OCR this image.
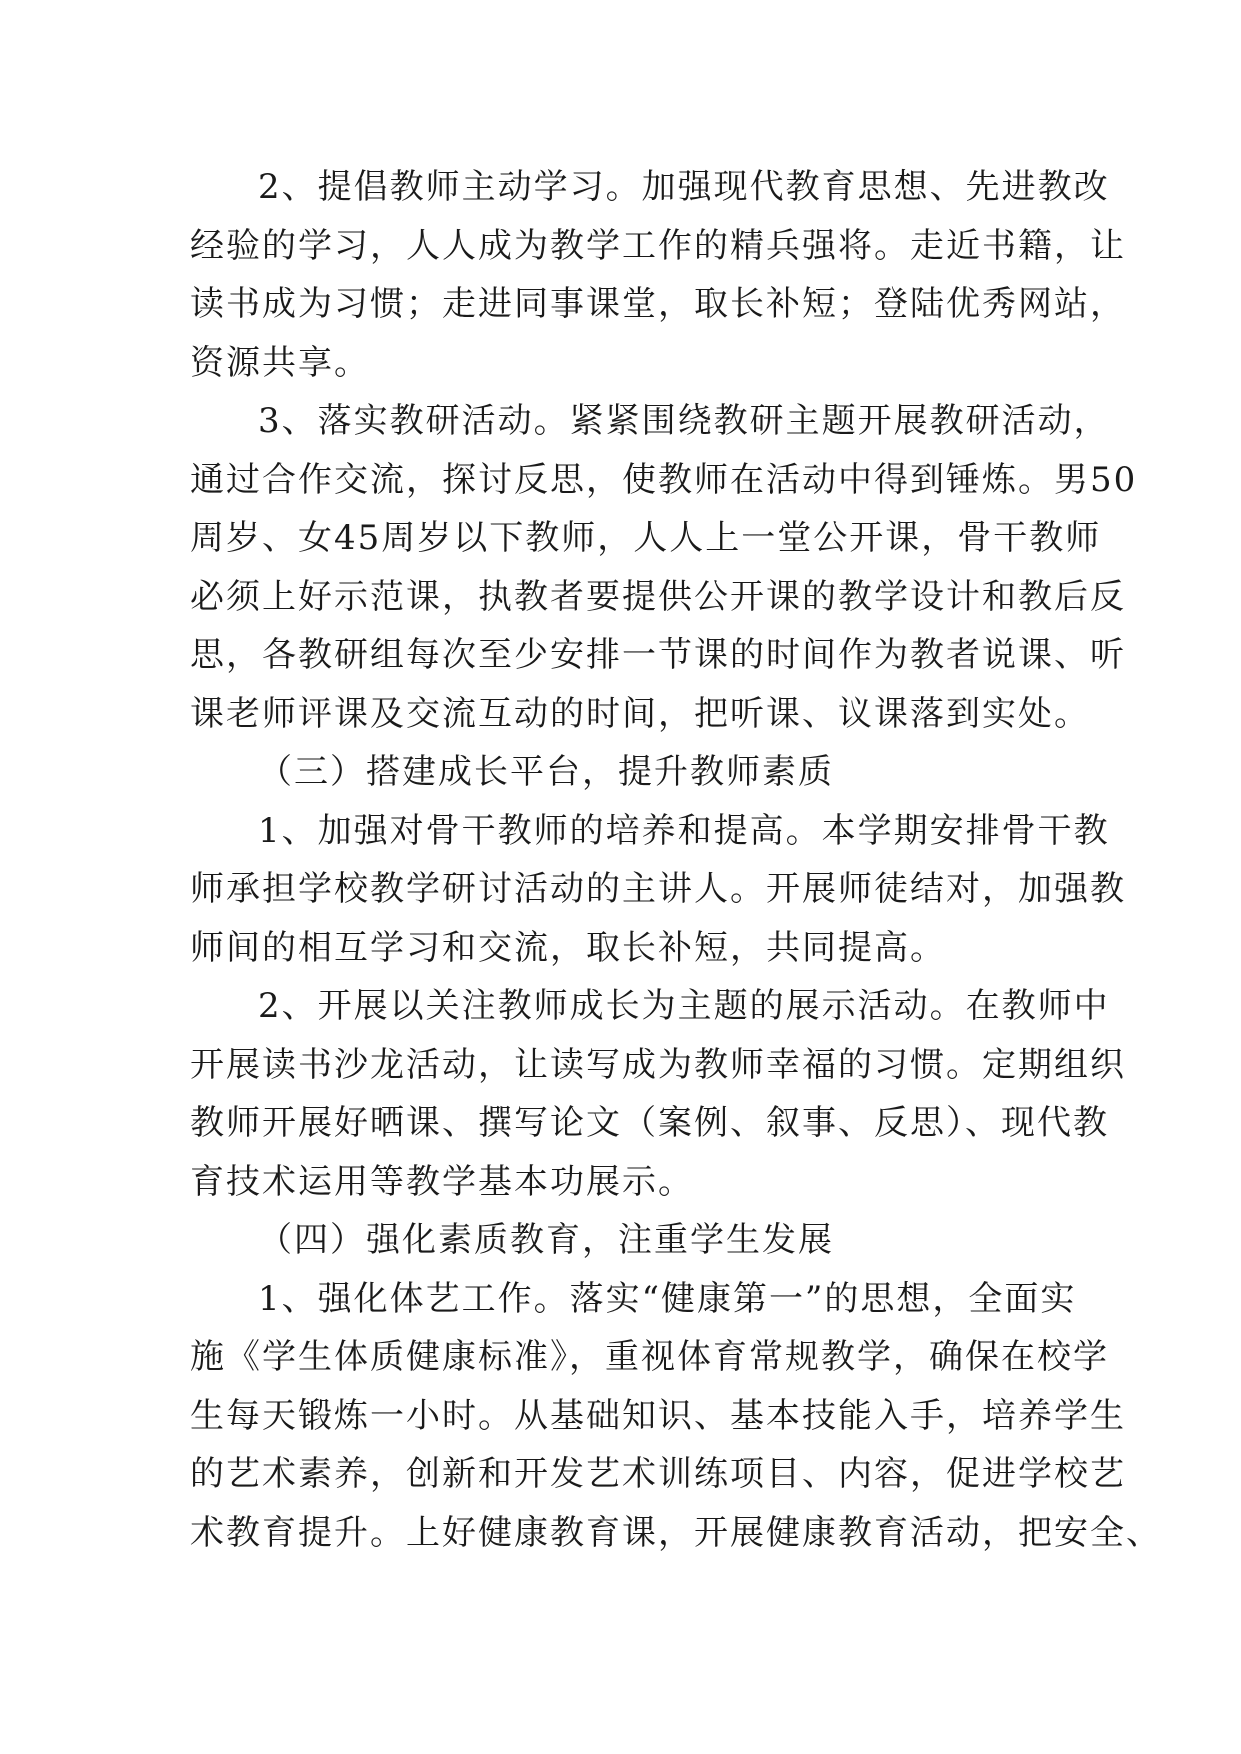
2、提倡教师主动学习。加强现代教育思想、先进教改
经验的学习，人人成为教学工作的精兵强将。走近书籍，让
读书成为习惯；走进同事课堂，取长补短；登陆优秀网站，
资源共享。
3、落实教研活动。紧紧围绕教研主题开展教研活动，
通过合作交流，探讨反思，使教师在活动中得到锤炼。男50
周岁、女45周岁以下教师，人人上一堂公开课，骨干教师
必须上好示范课，执教者要提供公开课的教学设计和教后反
思，各教研组每次至少安排一节课的时间作为教者说课、听
课老师评课及交流互动的时间，把听课、议课落到实处。
（三）搭建成长平台，提升教师素质
1、加强对骨干教师的培养和提高。本学期安排骨干教
师承担学校教学研讨活动的主讲人。开展师徒结对，加强教
师间的相互学习和交流，取长补短，共同提高。
2、开展以关注教师成长为主题的展示活动。在教师中
开展读书沙龙活动，让读写成为教师幸福的习惯。定期组织
教师开展好晒课、撰写论文（案例、叙事、反思）、现代教
育技术运用等教学基本功展示。
（四）强化素质教育，注重学生发展
1、强化体艺工作。落实“健康第一”的思想，全面实
施《学生体质健康标准》，重视体育常规教学，确保在校学
生每天锻炼一小时。从基础知识、基本技能入手，培养学生
的艺术素养，创新和开发艺术训练项目、内容，促进学校艺
术教育提升。上好健康教育课，开展健康教育活动，把安全、
